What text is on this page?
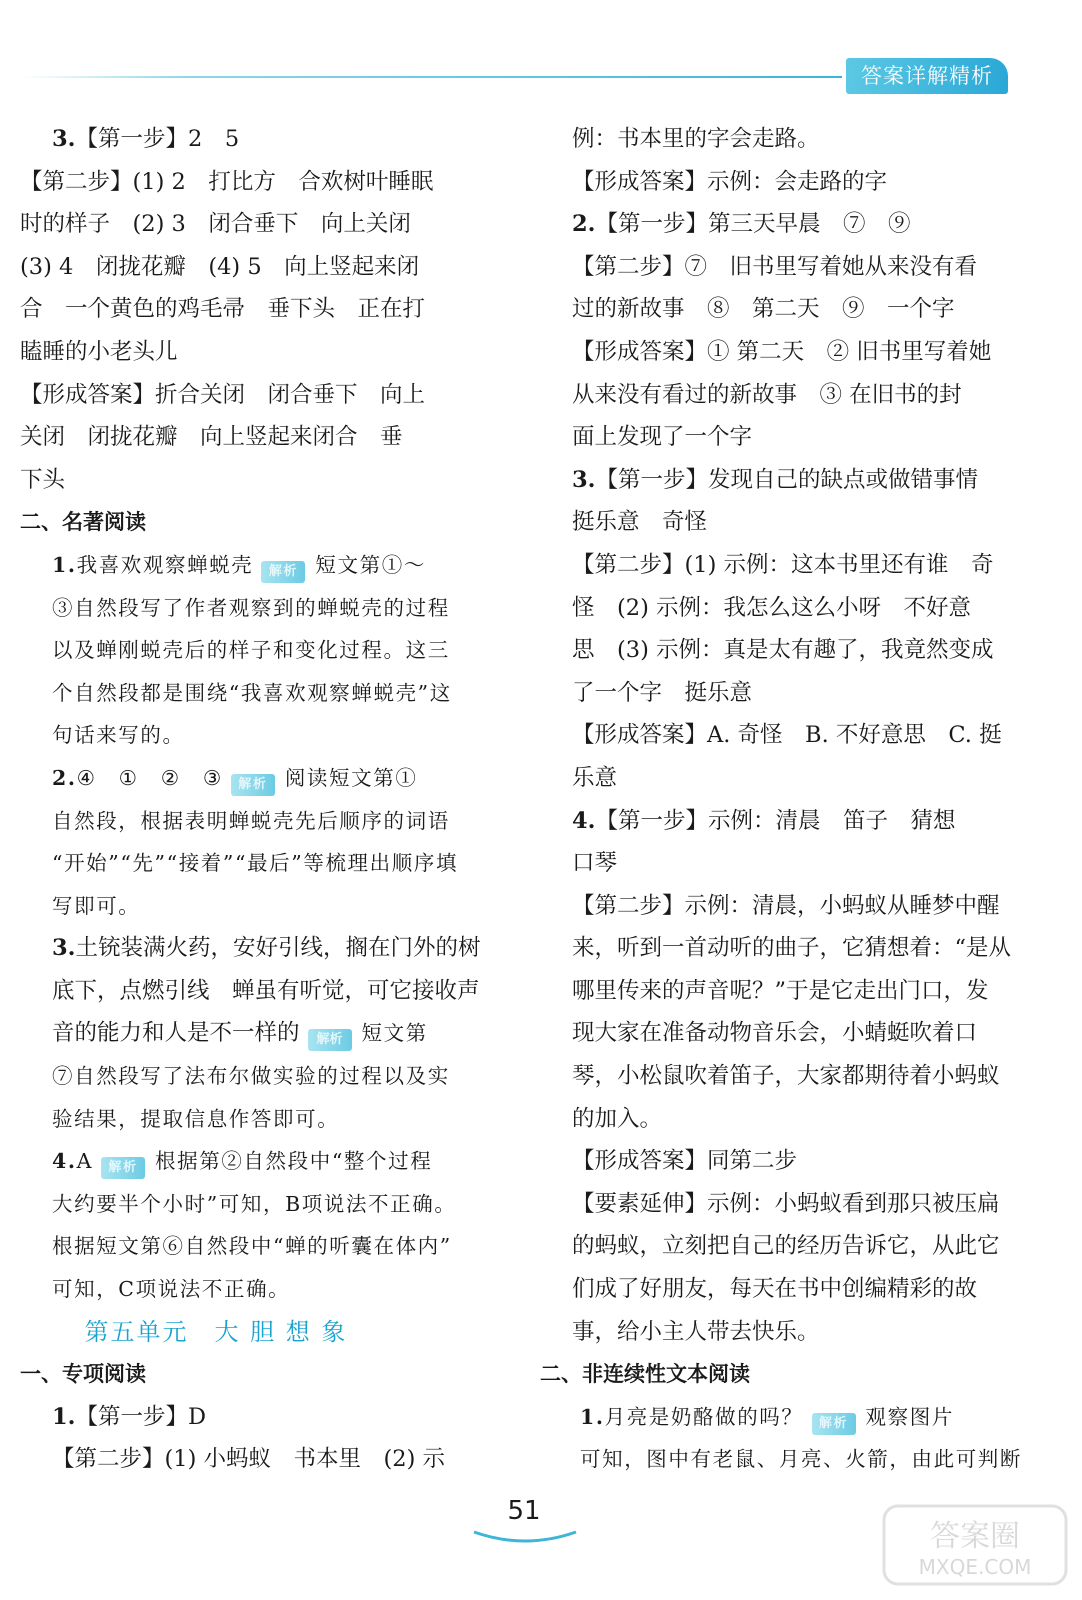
答案详解精析
3.【第一步】2　5
【第二步】(1) 2　打比方　合欢树叶睡眠
时的样子　(2) 3　闭合垂下　向上关闭
(3) 4　闭拢花瓣　(4) 5　向上竖起来闭
合　一个黄色的鸡毛帚　垂下头　正在打
瞌睡的小老头儿
【形成答案】折合关闭　闭合垂下　向上
关闭　闭拢花瓣　向上竖起来闭合　垂
下头
二、名著阅读
1.我喜欢观察蝉蜕壳 解析 短文第①～
③自然段写了作者观察到的蝉蜕壳的过程
以及蝉刚蜕壳后的样子和变化过程。这三
个自然段都是围绕“我喜欢观察蝉蜕壳”这
句话来写的。
2.④　①　②　③ 解析 阅读短文第①
自然段，根据表明蝉蜕壳先后顺序的词语
“开始”“先”“接着”“最后”等梳理出顺序填
写即可。
3.土铳装满火药，安好引线，搁在门外的树
底下，点燃引线　蝉虽有听觉，可它接收声
音的能力和人是不一样的 解析 短文第
⑦自然段写了法布尔做实验的过程以及实
验结果，提取信息作答即可。
4.A 解析 根据第②自然段中“整个过程
大约要半个小时”可知，B项说法不正确。
根据短文第⑥自然段中“蝉的听囊在体内”
可知，C项说法不正确。
第五单元　大 胆 想 象
一、专项阅读
1.【第一步】D
【第二步】(1) 小蚂蚁　书本里　(2) 示
例：书本里的字会走路。
【形成答案】示例：会走路的字
2.【第一步】第三天早晨　⑦　⑨
【第二步】⑦　旧书里写着她从来没有看
过的新故事　⑧　第二天　⑨　一个字
【形成答案】① 第二天　② 旧书里写着她
从来没有看过的新故事　③ 在旧书的封
面上发现了一个字
3.【第一步】发现自己的缺点或做错事情
挺乐意　奇怪
【第二步】(1) 示例：这本书里还有谁　奇
怪　(2) 示例：我怎么这么小呀　不好意
思　(3) 示例：真是太有趣了，我竟然变成
了一个字　挺乐意
【形成答案】A. 奇怪　B. 不好意思　C. 挺
乐意
4.【第一步】示例：清晨　笛子　猜想
口琴
【第二步】示例：清晨，小蚂蚁从睡梦中醒
来，听到一首动听的曲子，它猜想着：“是从
哪里传来的声音呢？”于是它走出门口，发
现大家在准备动物音乐会，小蜻蜓吹着口
琴，小松鼠吹着笛子，大家都期待着小蚂蚁
的加入。
【形成答案】同第二步
【要素延伸】示例：小蚂蚁看到那只被压扁
的蚂蚁，立刻把自己的经历告诉它，从此它
们成了好朋友，每天在书中创编精彩的故
事，给小主人带去快乐。
二、非连续性文本阅读
1.月亮是奶酪做的吗？ 解析 观察图片
可知，图中有老鼠、月亮、火箭，由此可判断
51
答案圈
MXQE.COM
